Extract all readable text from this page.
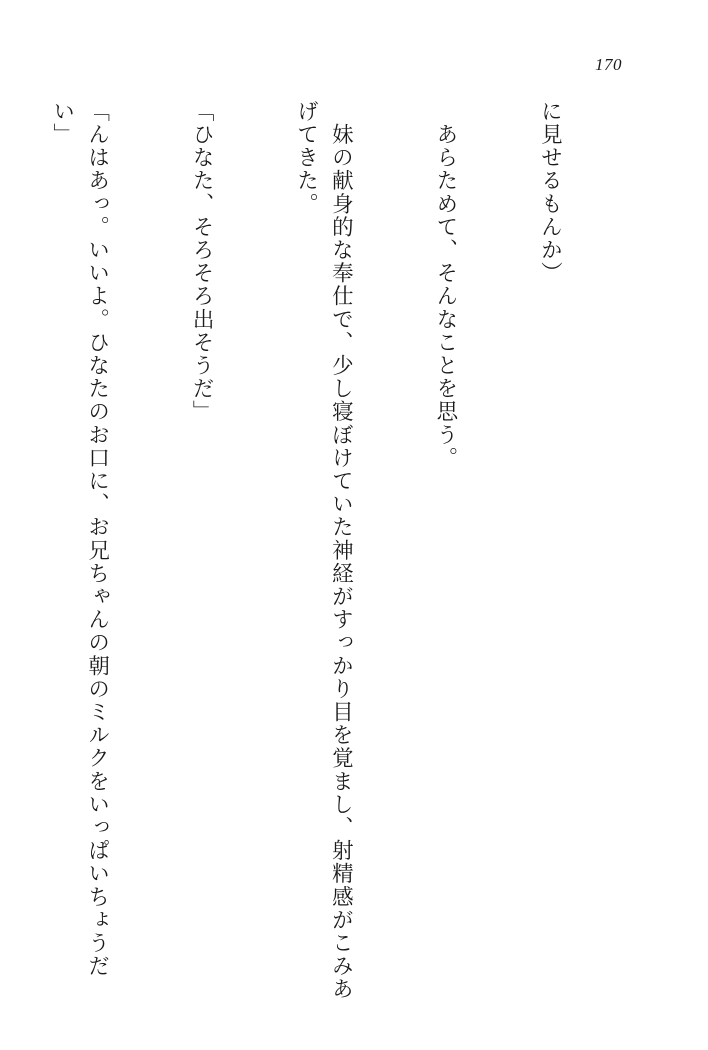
170

に見せるもんか）

　あらためて、そんなことを思う。

　妹の献身的な奉仕で、少し寝ぼけていた神経がすっかり目を覚まし、射精感がこみあげてきた。

「ひなた、そろそろ出そうだ」

「んはあっ。いいよ。ひなたのお口に、お兄ちゃんの朝のミルクをいっぱいちょうだい」
